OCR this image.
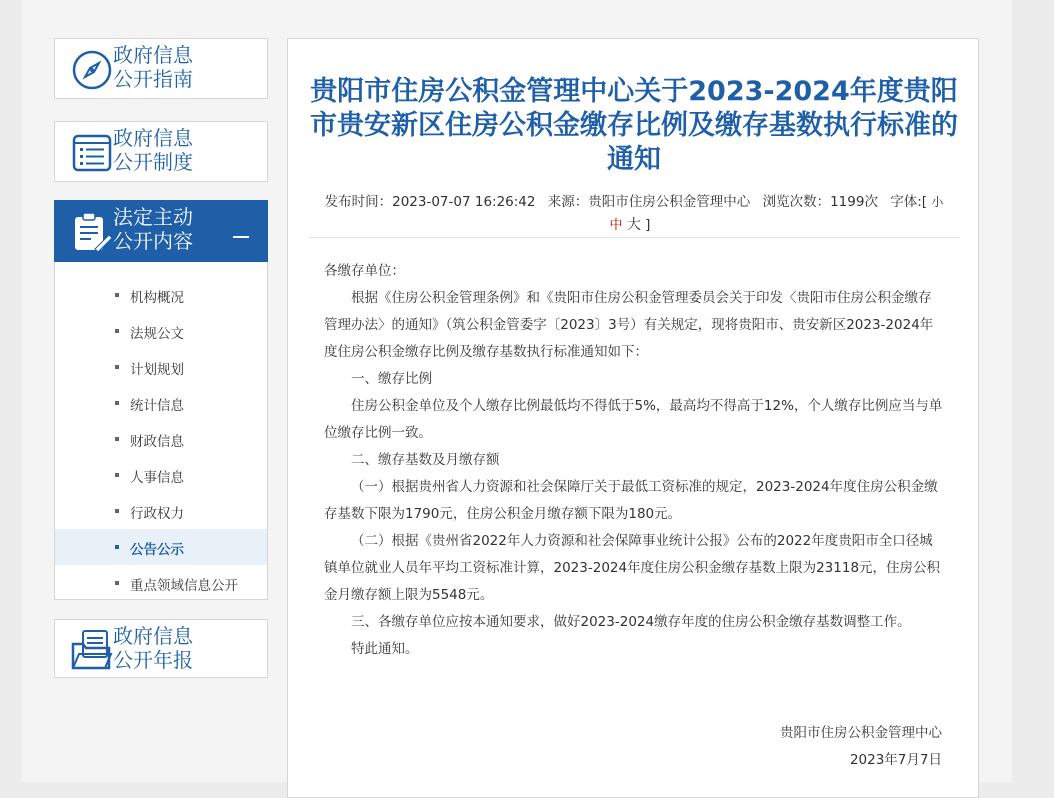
政府信息
公开指南
政府信息
公开制度
法定主动
公开内容
机构概况
法规公文
计划规划
统计信息
财政信息
人事信息
行政权力
公告公示
重点领域信息公开
政府信息
公开年报
贵阳市住房公积金管理中心关于2023-2024年度贵阳市贵安新区住房公积金缴存比例及缴存基数执行标准的通知
发布时间：2023-07-07 16:26:42 来源：贵阳市住房公积金管理中心 浏览次数：1199次 字体:[ 小
中 大 ]

各缴存单位：

根据《住房公积金管理条例》和《贵阳市住房公积金管理委员会关于印发〈贵阳市住房公积金缴存管理办法〉的通知》（筑公积金管委字〔2023〕3号）有关规定，现将贵阳市、贵安新区2023-2024年度住房公积金缴存比例及缴存基数执行标准通知如下：

一、缴存比例

住房公积金单位及个人缴存比例最低均不得低于5%，最高均不得高于12%，个人缴存比例应当与单位缴存比例一致。

二、缴存基数及月缴存额

（一）根据贵州省人力资源和社会保障厅关于最低工资标准的规定，2023-2024年度住房公积金缴存基数下限为1790元，住房公积金月缴存额下限为180元。

（二）根据《贵州省2022年人力资源和社会保障事业统计公报》公布的2022年度贵阳市全口径城镇单位就业人员年平均工资标准计算，2023-2024年度住房公积金缴存基数上限为23118元，住房公积金月缴存额上限为5548元。

三、各缴存单位应按本通知要求，做好2023-2024缴存年度的住房公积金缴存基数调整工作。

特此通知。

贵阳市住房公积金管理中心
2023年7月7日
